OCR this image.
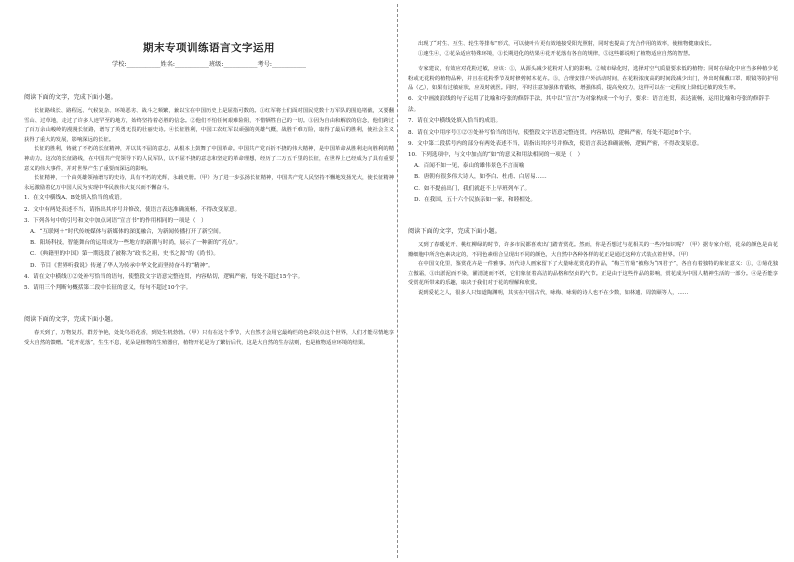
期末专项训练语言文字运用
学校:___________姓名:___________班级:___________考号:___________
阅读下面的文字，完成下面小题。

长征路线长、路程远、气候复杂、环境恶劣、战斗之频繁，兼以宝在中国历史上是屈指可数的。①红军将士们面对国民党数十万军队的围追堵截，又要翻雪山、过草地，走过了许多人迹罕至的地方，始终坚持着必胜的信念。②他们不怕任何艰难险阻，不惜牺牲自己的一切。③因为自由和解放的信念，他们跨过了百万余山峻岭的漫漫长征路，谱写了英勇无畏的壮丽史诗。④长征胜利，中国工农红军以顽强的英雄气概，战胜千难万险，取得了最后的胜利，使社会主义获得了重大的发展，影响深远的长征。

长征的胜利，铸就了不朽的长征精神，并以其不屈的意志，从根本上鼓舞了中国革命。中国共产党百折不挠的伟大精神，是中国革命从胜利走向胜利的精神动力。这次的长征路线，在中国共产党领导下的人民军队，以不屈不挠的意志和坚定的革命理想，经历了二万五千里的长征，在世界上已经成为了具有重要意义的伟大事件，并对世界产生了重要而深远的影响。

长征精神，一个由英雄领袖谱写的史诗，具有不朽的光辉，永载史册。（甲）为了进一步弘扬长征精神，中国共产党人民坚持不懈地发扬光大，使长征精神永远激励着亿万中国人民为实现中华民族伟大复兴而不懈奋斗。

1．在文中横线A、B处填入恰当的成语。
2．文中有两处表述不当，请指出其序号并修改，使语言表达准确流畅，不得改变原意。
3．下列各句中的引号和文中加点词语“宣言书”的作用相同的一项是（　）
A．“互联网＋”时代传统媒体与新媒体的深度融合，为新闻传播打开了新空间。
B．阳场科技，智能舞台的运用成为一些地方的新潮与时尚，展示了一种新的“亮点”。
C．《典籍里的中国》第一期选段了被称为“政书之祖，史书之源”的《尚书》。
D．节目《世界听我说》传递了华人为传承中华文化而坚持奋斗的“精神”。
4．请在文中横线①②处补写恰当的语句，使整段文字语意完整连贯，内容贴切，逻辑严密，每处不超过15个字。
5．请用三个判断句概括第二段中长征的意义，每句不超过10个字。
阅读下面的文字，完成下面小题。

春天到了，万物复苏，群芳争艳，处处鸟语花香，到处生机勃勃。（甲）只有在这个季节，大自然才会用它最绚烂的色彩装点这个世界，人们才能尽情地享受大自然的馈赠。“花开花落”，生生不息，花朵是植物的生殖器官，植物开花是为了繁衍后代，这是大自然的生存法则，也是植物适应环境的结果。

出现了“对生、互生、轮生等排布”形式，可以使叶片更有效地接受阳光照射，同时也提高了光合作用的效率，使植物健康成长。

①速生④，②花朵适应特殊环境，③长期进化的结果④花开花落有各自的规律，⑤这些都说明了植物适应自然的智慧。

专家建议，有效应对花粉过敏，应该：①，从源头减少花粉对人们的影响。②城市绿化时，选择对空气质量要求低的植物；同时在绿化中应当多种植少花粉或无花粉的植物品种，并且在花粉季节及时修剪树木花卉。③，合理安排户外活动时间，在花粉浓度高的时间段减少出门，外出时佩戴口罩、眼镜等防护用品（乙），如果有过敏症状，应及时就医。同时，平时注意加强体育锻炼，增强体质，提高免疫力，这样可以在一定程度上降低过敏的发生率。

6．文中画波浪线的句子运用了比喻和夸张的修辞手法，其中以“宣言”为对象构成一个句子，要求：语言连贯，表达流畅，运用比喻和夸张的修辞手法。
7．请在文中横线处填入恰当的成语。
8．请在文中用序号①②③处补写恰当的语句，使整段文字语意完整连贯，内容贴切，逻辑严密，每处不超过8个字。
9．文中第二段括号内的部分有两处表述不当，请指出其序号并修改，使语言表达准确流畅，逻辑严密，不得改变原意。
10．下列选项中，与文中加点的“如”的意义和用法相同的一项是（　）
A．百闻不如一见，泰山的雄伟景色不言而喻
B．唐朝有很多伟大诗人，如李白、杜甫、白居易……
C．如不提前出门，我们就赶不上早班列车了。
D．在我国，五十六个民族亲如一家，和睦相处。
阅读下面的文字，完成下面小题。

又到了春暖花开、桃红柳绿的时节，许多市民都喜欢出门踏青赏花。然而，你是否想过与花相关的一些冷知识呢？（甲）据专家介绍，花朵的颜色是由花瓣细胞中所含色素决定的，不同色素组合呈现出不同的颜色，大自然中各种各样的花正是通过这种方式装点着世界。（甲）

在中国文化里，鉴赏花卉是一件雅事。历代诗人画家留下了大量咏花赏花的作品，“梅兰竹菊”被称为“四君子”，各自有着独特的象征意义：①，②菊花独立傲霜，③出淤泥而不染，濯清涟而不妖，它们象征着高洁的品格和坚贞的气节。正是由于这些作品的影响，赏花成为中国人精神生活的一部分。④是否能享受赏花所带来的乐趣，取决于我们对于花的理解和欣赏。

说到爱花之人，很多人只知道陶渊明，其实在中国古代，咏梅、咏菊的诗人也不在少数，如林逋、周敦颐等人，……
